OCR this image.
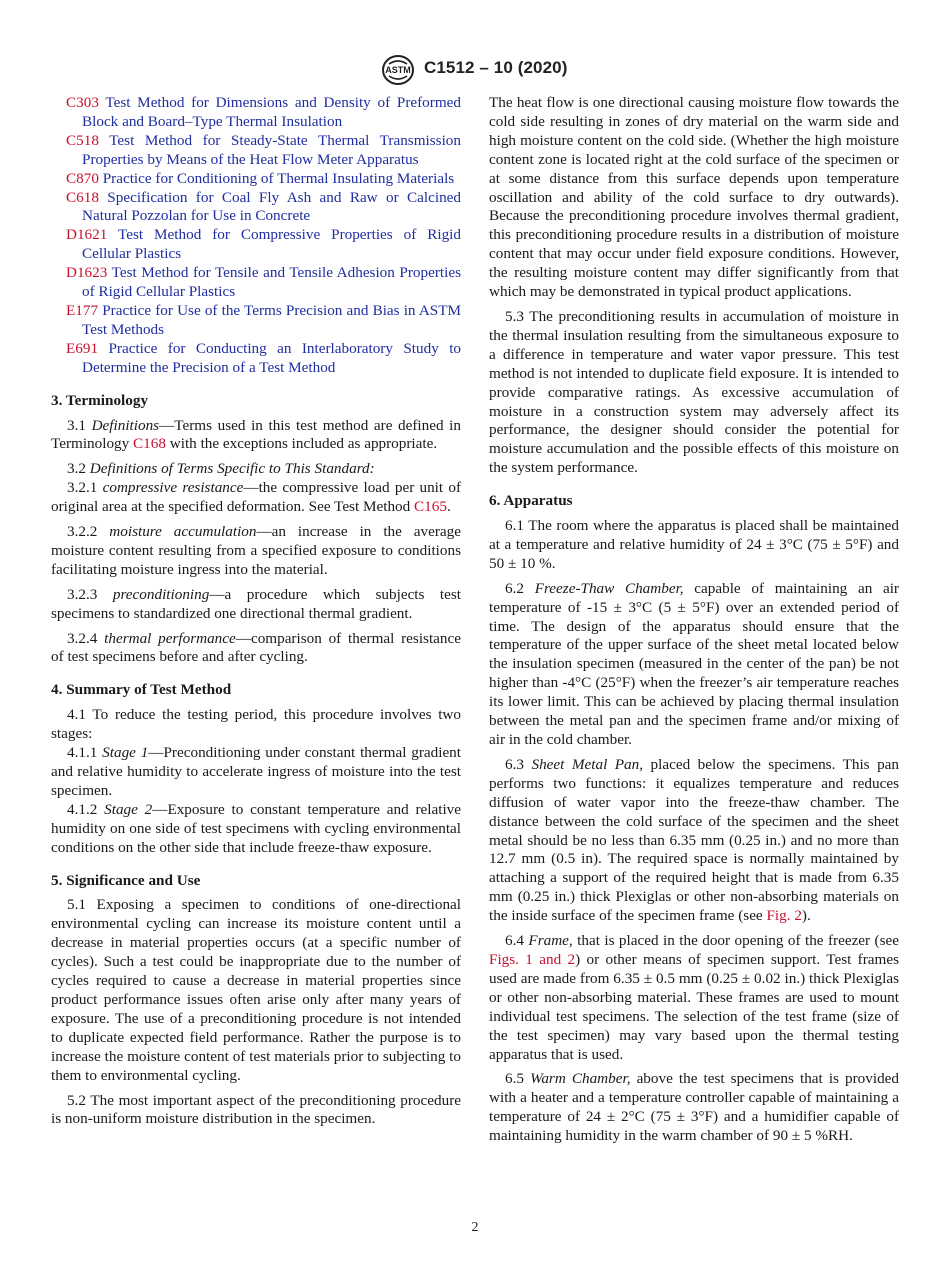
ASTM C1512 – 10 (2020)

C303 Test Method for Dimensions and Density of Preformed Block and Board–Type Thermal Insulation

C518 Test Method for Steady-State Thermal Transmission Properties by Means of the Heat Flow Meter Apparatus

C870 Practice for Conditioning of Thermal Insulating Materials

C618 Specification for Coal Fly Ash and Raw or Calcined Natural Pozzolan for Use in Concrete

D1621 Test Method for Compressive Properties of Rigid Cellular Plastics

D1623 Test Method for Tensile and Tensile Adhesion Properties of Rigid Cellular Plastics

E177 Practice for Use of the Terms Precision and Bias in ASTM Test Methods

E691 Practice for Conducting an Interlaboratory Study to Determine the Precision of a Test Method

3. Terminology

3.1 Definitions—Terms used in this test method are defined in Terminology C168 with the exceptions included as appropriate.

3.2 Definitions of Terms Specific to This Standard:

3.2.1 compressive resistance—the compressive load per unit of original area at the specified deformation. See Test Method C165.

3.2.2 moisture accumulation—an increase in the average moisture content resulting from a specified exposure to conditions facilitating moisture ingress into the material.

3.2.3 preconditioning—a procedure which subjects test specimens to standardized one directional thermal gradient.

3.2.4 thermal performance—comparison of thermal resistance of test specimens before and after cycling.

4. Summary of Test Method

4.1 To reduce the testing period, this procedure involves two stages:

4.1.1 Stage 1—Preconditioning under constant thermal gradient and relative humidity to accelerate ingress of moisture into the test specimen.

4.1.2 Stage 2—Exposure to constant temperature and relative humidity on one side of test specimens with cycling environmental conditions on the other side that include freeze-thaw exposure.

5. Significance and Use

5.1 Exposing a specimen to conditions of one-directional environmental cycling can increase its moisture content until a decrease in material properties occurs (at a specific number of cycles). Such a test could be inappropriate due to the number of cycles required to cause a decrease in material properties since product performance issues often arise only after many years of exposure. The use of a preconditioning procedure is not intended to duplicate expected field performance. Rather the purpose is to increase the moisture content of test materials prior to subjecting to them to environmental cycling.

5.2 The most important aspect of the preconditioning procedure is non-uniform moisture distribution in the specimen.

The heat flow is one directional causing moisture flow towards the cold side resulting in zones of dry material on the warm side and high moisture content on the cold side. (Whether the high moisture content zone is located right at the cold surface of the specimen or at some distance from this surface depends upon temperature oscillation and ability of the cold surface to dry outwards). Because the preconditioning procedure involves thermal gradient, this preconditioning procedure results in a distribution of moisture content that may occur under field exposure conditions. However, the resulting moisture content may differ significantly from that which may be demonstrated in typical product applications.

5.3 The preconditioning results in accumulation of moisture in the thermal insulation resulting from the simultaneous exposure to a difference in temperature and water vapor pressure. This test method is not intended to duplicate field exposure. It is intended to provide comparative ratings. As excessive accumulation of moisture in a construction system may adversely affect its performance, the designer should consider the potential for moisture accumulation and the possible effects of this moisture on the system performance.

6. Apparatus

6.1 The room where the apparatus is placed shall be maintained at a temperature and relative humidity of 24 ± 3°C (75 ± 5°F) and 50 ± 10 %.

6.2 Freeze-Thaw Chamber, capable of maintaining an air temperature of -15 ± 3°C (5 ± 5°F) over an extended period of time. The design of the apparatus should ensure that the temperature of the upper surface of the sheet metal located below the insulation specimen (measured in the center of the pan) be not higher than -4°C (25°F) when the freezer’s air temperature reaches its lower limit. This can be achieved by placing thermal insulation between the metal pan and the specimen frame and/or mixing of air in the cold chamber.

6.3 Sheet Metal Pan, placed below the specimens. This pan performs two functions: it equalizes temperature and reduces diffusion of water vapor into the freeze-thaw chamber. The distance between the cold surface of the specimen and the sheet metal should be no less than 6.35 mm (0.25 in.) and no more than 12.7 mm (0.5 in). The required space is normally maintained by attaching a support of the required height that is made from 6.35 mm (0.25 in.) thick Plexiglas or other non-absorbing materials on the inside surface of the specimen frame (see Fig. 2).

6.4 Frame, that is placed in the door opening of the freezer (see Figs. 1 and 2) or other means of specimen support. Test frames used are made from 6.35 ± 0.5 mm (0.25 ± 0.02 in.) thick Plexiglas or other non-absorbing material. These frames are used to mount individual test specimens. The selection of the test frame (size of the test specimen) may vary based upon the thermal testing apparatus that is used.

6.5 Warm Chamber, above the test specimens that is provided with a heater and a temperature controller capable of maintaining a temperature of 24 ± 2°C (75 ± 3°F) and a humidifier capable of maintaining humidity in the warm chamber of 90 ± 5 %RH.

2
